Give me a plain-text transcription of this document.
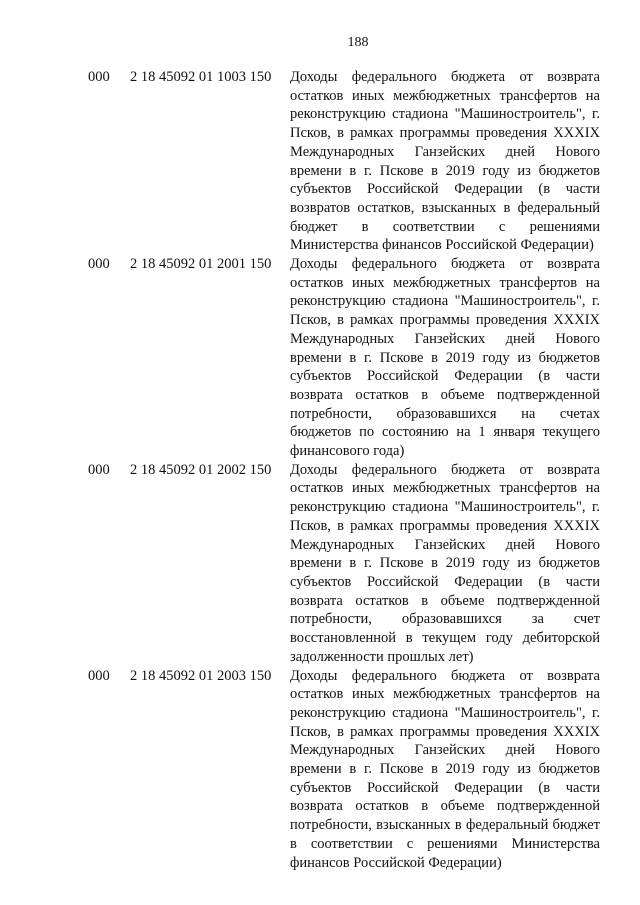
188
000 2 18 45092 01 1003 150 Доходы федерального бюджета от возврата остатков иных межбюджетных трансфертов на реконструкцию стадиона "Машиностроитель", г. Псков, в рамках программы проведения XXXIX Международных Ганзейских дней Нового времени в г. Пскове в 2019 году из бюджетов субъектов Российской Федерации (в части возвратов остатков, взысканных в федеральный бюджет в соответствии с решениями Министерства финансов Российской Федерации)
000 2 18 45092 01 2001 150 Доходы федерального бюджета от возврата остатков иных межбюджетных трансфертов на реконструкцию стадиона "Машиностроитель", г. Псков, в рамках программы проведения XXXIX Международных Ганзейских дней Нового времени в г. Пскове в 2019 году из бюджетов субъектов Российской Федерации (в части возврата остатков в объеме подтвержденной потребности, образовавшихся на счетах бюджетов по состоянию на 1 января текущего финансового года)
000 2 18 45092 01 2002 150 Доходы федерального бюджета от возврата остатков иных межбюджетных трансфертов на реконструкцию стадиона "Машиностроитель", г. Псков, в рамках программы проведения XXXIX Международных Ганзейских дней Нового времени в г. Пскове в 2019 году из бюджетов субъектов Российской Федерации (в части возврата остатков в объеме подтвержденной потребности, образовавшихся за счет восстановленной в текущем году дебиторской задолженности прошлых лет)
000 2 18 45092 01 2003 150 Доходы федерального бюджета от возврата остатков иных межбюджетных трансфертов на реконструкцию стадиона "Машиностроитель", г. Псков, в рамках программы проведения XXXIX Международных Ганзейских дней Нового времени в г. Пскове в 2019 году из бюджетов субъектов Российской Федерации (в части возврата остатков в объеме подтвержденной потребности, взысканных в федеральный бюджет в соответствии с решениями Министерства финансов Российской Федерации)
